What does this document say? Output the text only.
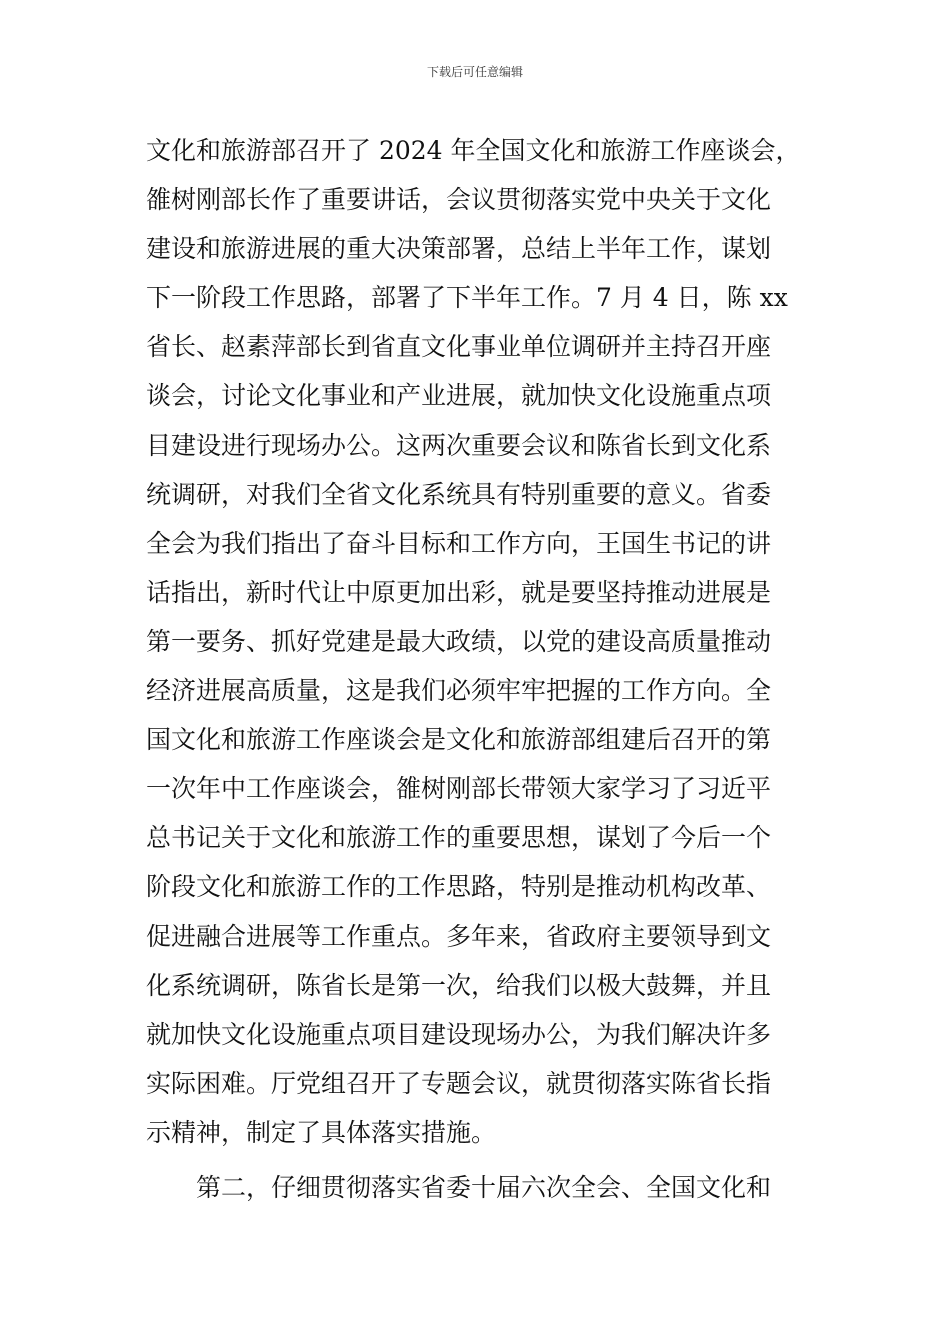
下载后可任意编辑
文化和旅游部召开了 2024 年全国文化和旅游工作座谈会，
雒树刚部长作了重要讲话，会议贯彻落实党中央关于文化
建设和旅游进展的重大决策部署，总结上半年工作，谋划
下一阶段工作思路，部署了下半年工作。7 月 4 日，陈 xx
省长、赵素萍部长到省直文化事业单位调研并主持召开座
谈会，讨论文化事业和产业进展，就加快文化设施重点项
目建设进行现场办公。这两次重要会议和陈省长到文化系
统调研，对我们全省文化系统具有特别重要的意义。省委
全会为我们指出了奋斗目标和工作方向，王国生书记的讲
话指出，新时代让中原更加出彩，就是要坚持推动进展是
第一要务、抓好党建是最大政绩，以党的建设高质量推动
经济进展高质量，这是我们必须牢牢把握的工作方向。全
国文化和旅游工作座谈会是文化和旅游部组建后召开的第
一次年中工作座谈会，雒树刚部长带领大家学习了习近平
总书记关于文化和旅游工作的重要思想，谋划了今后一个
阶段文化和旅游工作的工作思路，特别是推动机构改革、
促进融合进展等工作重点。多年来，省政府主要领导到文
化系统调研，陈省长是第一次，给我们以极大鼓舞，并且
就加快文化设施重点项目建设现场办公，为我们解决许多
实际困难。厅党组召开了专题会议，就贯彻落实陈省长指
示精神，制定了具体落实措施。
第二，仔细贯彻落实省委十届六次全会、全国文化和
